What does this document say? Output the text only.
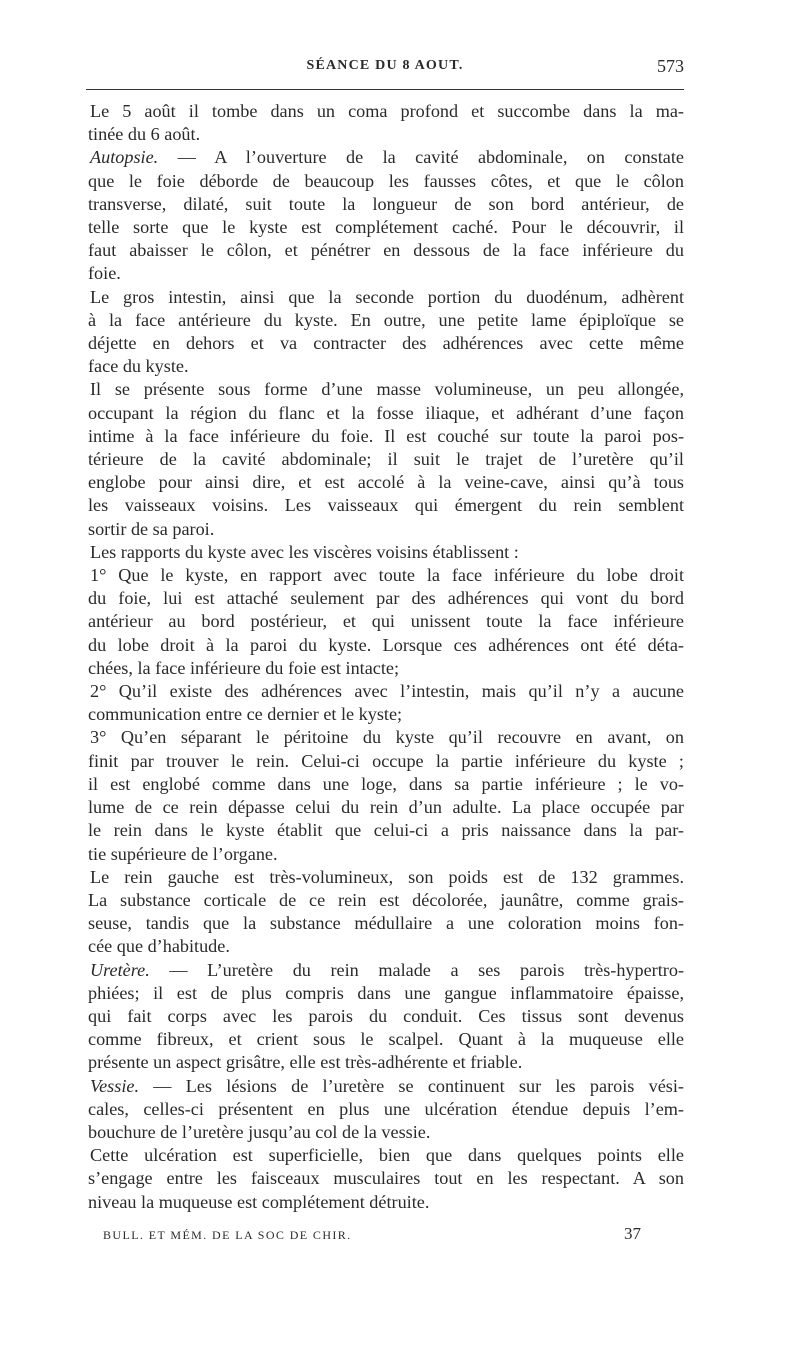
SÉANCE DU 8 AOUT.	573
Le 5 août il tombe dans un coma profond et succombe dans la ma-
tinée du 6 août.
Autopsie. — A l’ouverture de la cavité abdominale, on constate
que le foie déborde de beaucoup les fausses côtes, et que le côlon
transverse, dilaté, suit toute la longueur de son bord antérieur, de
telle sorte que le kyste est complétement caché. Pour le découvrir, il
faut abaisser le côlon, et pénétrer en dessous de la face inférieure du
foie.
Le gros intestin, ainsi que la seconde portion du duodénum, adhèrent
à la face antérieure du kyste. En outre, une petite lame épiploïque se
déjette en dehors et va contracter des adhérences avec cette même
face du kyste.
Il se présente sous forme d’une masse volumineuse, un peu allongée,
occupant la région du flanc et la fosse iliaque, et adhérant d’une façon
intime à la face inférieure du foie. Il est couché sur toute la paroi pos-
térieure de la cavité abdominale; il suit le trajet de l’uretère qu’il
englobe pour ainsi dire, et est accolé à la veine-cave, ainsi qu’à tous
les vaisseaux voisins. Les vaisseaux qui émergent du rein semblent
sortir de sa paroi.
Les rapports du kyste avec les viscères voisins établissent :
1° Que le kyste, en rapport avec toute la face inférieure du lobe droit
du foie, lui est attaché seulement par des adhérences qui vont du bord
antérieur au bord postérieur, et qui unissent toute la face inférieure
du lobe droit à la paroi du kyste. Lorsque ces adhérences ont été déta-
chées, la face inférieure du foie est intacte;
2° Qu’il existe des adhérences avec l’intestin, mais qu’il n’y a aucune
communication entre ce dernier et le kyste;
3° Qu’en séparant le péritoine du kyste qu’il recouvre en avant, on
finit par trouver le rein. Celui-ci occupe la partie inférieure du kyste ;
il est englobé comme dans une loge, dans sa partie inférieure ; le vo-
lume de ce rein dépasse celui du rein d’un adulte. La place occupée par
le rein dans le kyste établit que celui-ci a pris naissance dans la par-
tie supérieure de l’organe.
Le rein gauche est très-volumineux, son poids est de 132 grammes.
La substance corticale de ce rein est décolorée, jaunâtre, comme grais-
seuse, tandis que la substance médullaire a une coloration moins fon-
cée que d’habitude.
Uretère. — L’uretère du rein malade a ses parois très-hypertro-
phiées; il est de plus compris dans une gangue inflammatoire épaisse,
qui fait corps avec les parois du conduit. Ces tissus sont devenus
comme fibreux, et crient sous le scalpel. Quant à la muqueuse elle
présente un aspect grisâtre, elle est très-adhérente et friable.
Vessie. — Les lésions de l’uretère se continuent sur les parois vési-
cales, celles-ci présentent en plus une ulcération étendue depuis l’em-
bouchure de l’uretère jusqu’au col de la vessie.
Cette ulcération est superficielle, bien que dans quelques points elle
s’engage entre les faisceaux musculaires tout en les respectant. A son
niveau la muqueuse est complétement détruite.
BULL. ET MÉM. DE LA SOC DE CHIR.	37
